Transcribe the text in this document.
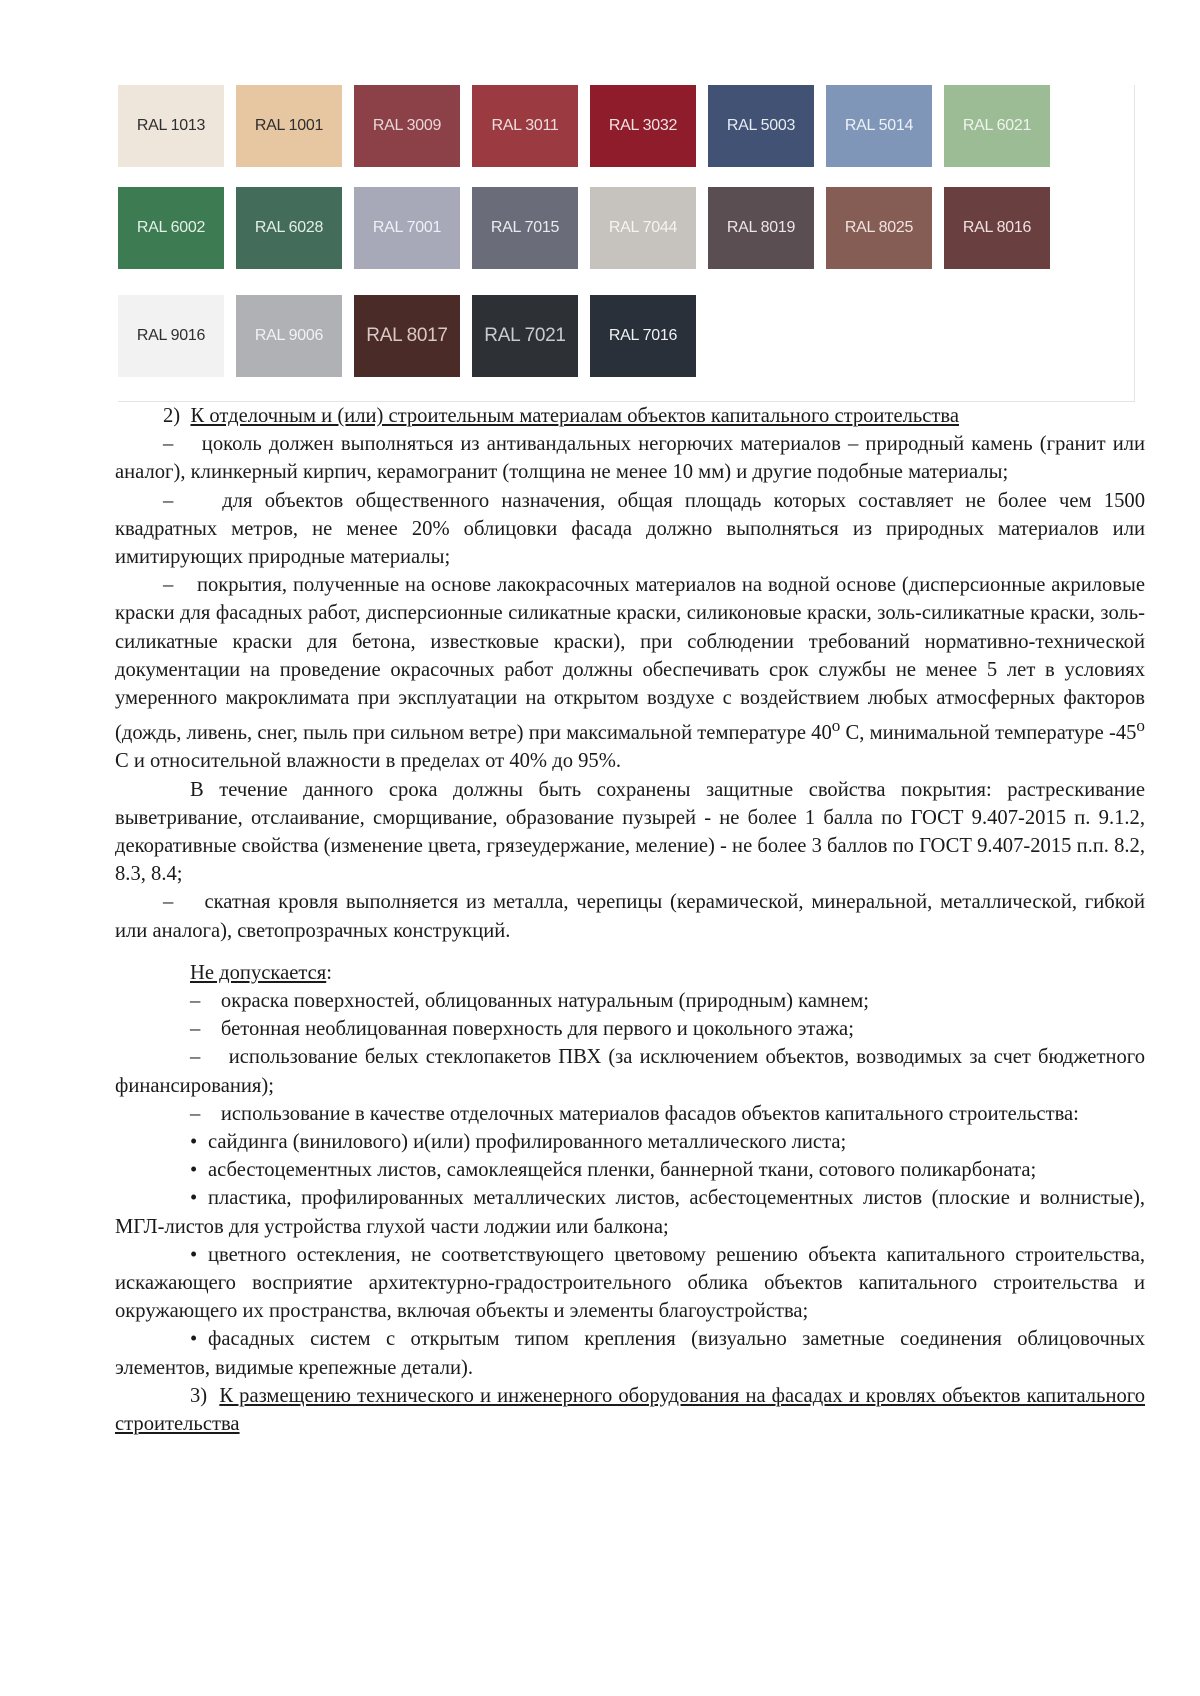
RAL 1013	RAL 1001	RAL 3009	RAL 3011	RAL 3032	RAL 5003	RAL 5014	RAL 6021
RAL 6002	RAL 6028	RAL 7001	RAL 7015	RAL 7044	RAL 8019	RAL 8025	RAL 8016
RAL 9016	RAL 9006	RAL 8017	RAL 7021	RAL 7016

2) К отделочным и (или) строительным материалам объектов капитального строительства

– цоколь должен выполняться из антивандальных негорючих материалов – природный камень (гранит или аналог), клинкерный кирпич, керамогранит (толщина не менее 10 мм) и другие подобные материалы;

– для объектов общественного назначения, общая площадь которых составляет не более чем 1500 квадратных метров, не менее 20% облицовки фасада должно выполняться из природных материалов или имитирующих природные материалы;

– покрытия, полученные на основе лакокрасочных материалов на водной основе (дисперсионные акриловые краски для фасадных работ, дисперсионные силикатные краски, силиконовые краски, золь-силикатные краски, золь-силикатные краски для бетона, известковые краски), при соблюдении требований нормативно-технической документации на проведение окрасочных работ должны обеспечивать срок службы не менее 5 лет в условиях умеренного макроклимата при эксплуатации на открытом воздухе с воздействием любых атмосферных факторов (дождь, ливень, снег, пыль при сильном ветре) при максимальной температуре $40^о$ С, минимальной температуре $-45^о$ С и относительной влажности в пределах от 40% до 95%.

В течение данного срока должны быть сохранены защитные свойства покрытия: растрескивание выветривание, отслаивание, сморщивание, образование пузырей - не более 1 балла по ГОСТ 9.407-2015 п. 9.1.2, декоративные свойства (изменение цвета, грязеудержание, меление) - не более 3 баллов по ГОСТ 9.407-2015 п.п. 8.2, 8.3, 8.4;

– скатная кровля выполняется из металла, черепицы (керамической, минеральной, металлической, гибкой или аналога), светопрозрачных конструкций.

Не допускается:

– окраска поверхностей, облицованных натуральным (природным) камнем;

– бетонная необлицованная поверхность для первого и цокольного этажа;

– использование белых стеклопакетов ПВХ (за исключением объектов, возводимых за счет бюджетного финансирования);

– использование в качестве отделочных материалов фасадов объектов капитального строительства:

• сайдинга (винилового) и(или) профилированного металлического листа;

• асбестоцементных листов, самоклеящейся пленки, баннерной ткани, сотового поликарбоната;

• пластика, профилированных металлических листов, асбестоцементных листов (плоские и волнистые), МГЛ-листов для устройства глухой части лоджии или балкона;

• цветного остекления, не соответствующего цветовому решению объекта капитального строительства, искажающего восприятие архитектурно-градостроительного облика объектов капитального строительства и окружающего их пространства, включая объекты и элементы благоустройства;

• фасадных систем с открытым типом крепления (визуально заметные соединения облицовочных элементов, видимые крепежные детали).

3) К размещению технического и инженерного оборудования на фасадах и кровлях объектов капитального строительства
